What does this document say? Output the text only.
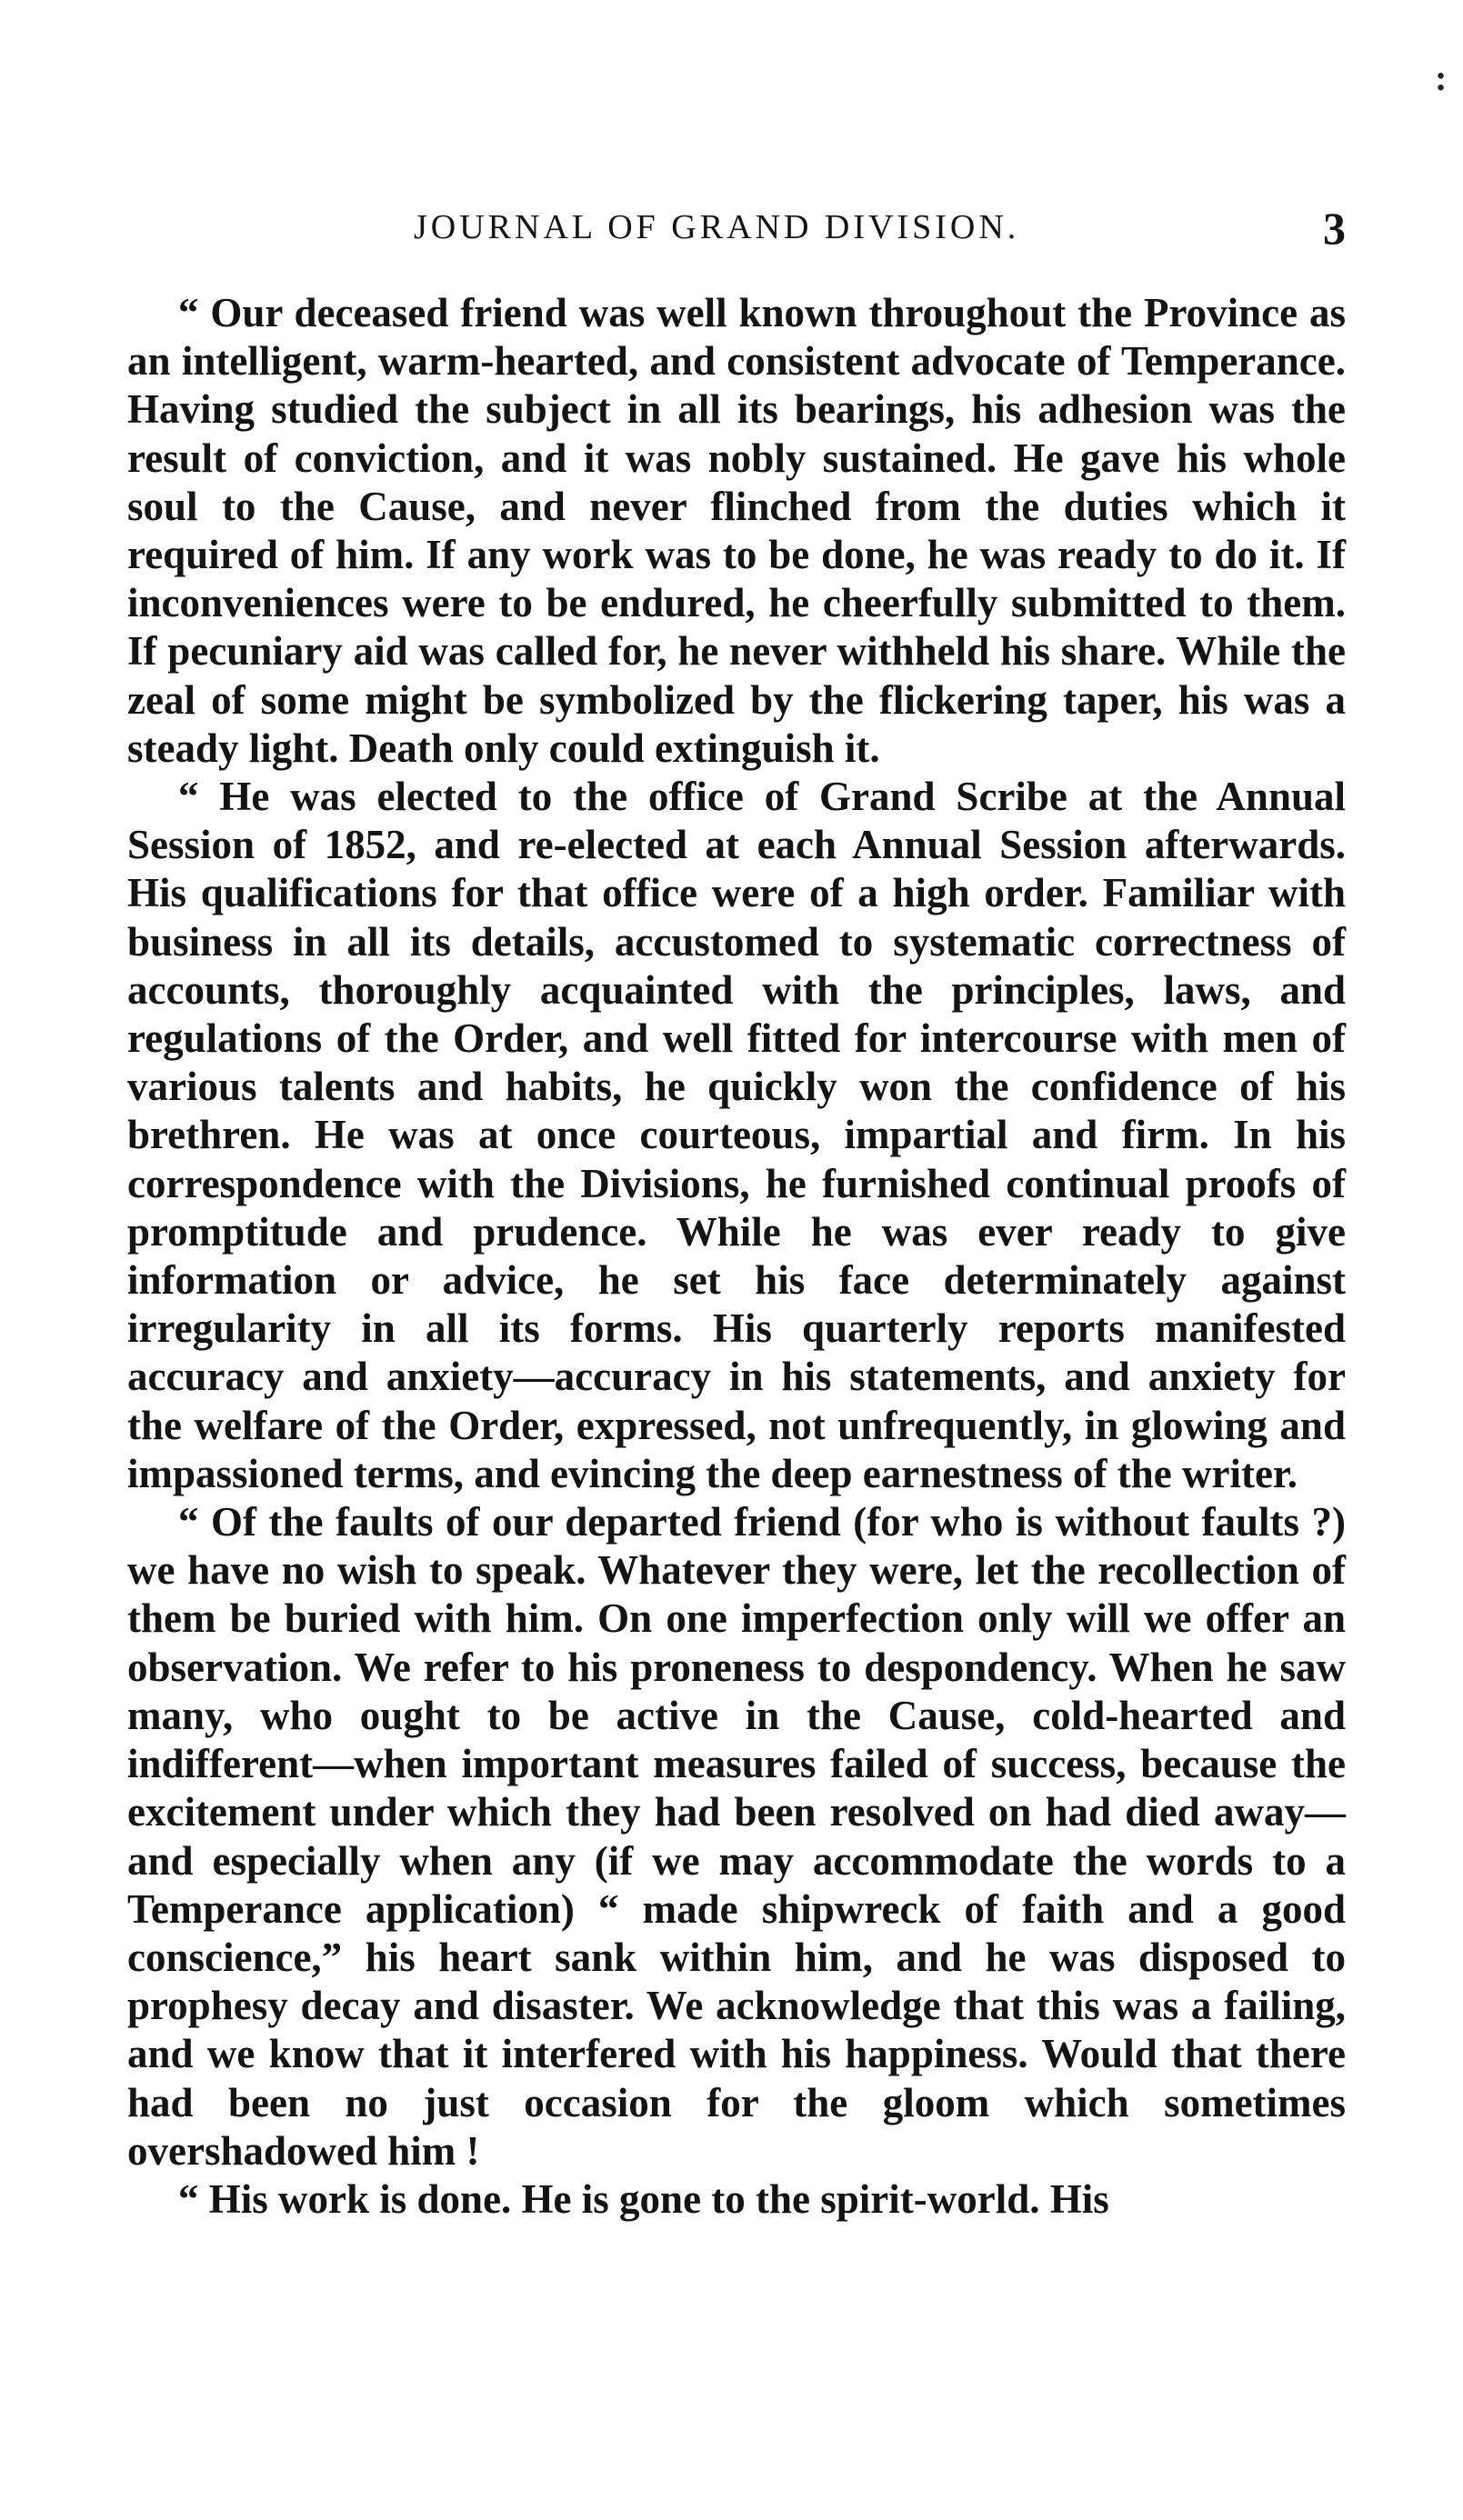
:
JOURNAL OF GRAND DIVISION.	3

“ Our deceased friend was well known throughout the Province as an intelligent, warm-hearted, and consistent advocate of Temperance. Having studied the subject in all its bearings, his adhesion was the result of conviction, and it was nobly sustained. He gave his whole soul to the Cause, and never flinched from the duties which it required of him. If any work was to be done, he was ready to do it. If inconveniences were to be endured, he cheerfully submitted to them. If pecuniary aid was called for, he never withheld his share. While the zeal of some might be symbolized by the flickering taper, his was a steady light. Death only could extinguish it.

“ He was elected to the office of Grand Scribe at the Annual Session of 1852, and re-elected at each Annual Session afterwards. His qualifications for that office were of a high order. Familiar with business in all its details, accustomed to systematic correctness of accounts, thoroughly acquainted with the principles, laws, and regulations of the Order, and well fitted for intercourse with men of various talents and habits, he quickly won the confidence of his brethren. He was at once courteous, impartial and firm. In his correspondence with the Divisions, he furnished continual proofs of promptitude and prudence. While he was ever ready to give information or advice, he set his face determinately against irregularity in all its forms. His quarterly reports manifested accuracy and anxiety—accuracy in his statements, and anxiety for the welfare of the Order, expressed, not unfrequently, in glowing and impassioned terms, and evincing the deep earnestness of the writer.

“ Of the faults of our departed friend (for who is without faults ?) we have no wish to speak. Whatever they were, let the recollection of them be buried with him. On one imperfection only will we offer an observation. We refer to his proneness to despondency. When he saw many, who ought to be active in the Cause, cold-hearted and indifferent—when important measures failed of success, because the excitement under which they had been resolved on had died away—and especially when any (if we may accommodate the words to a Temperance application) “ made shipwreck of faith and a good conscience,” his heart sank within him, and he was disposed to prophesy decay and disaster. We acknowledge that this was a failing, and we know that it interfered with his happiness. Would that there had been no just occasion for the gloom which sometimes overshadowed him !

“ His work is done. He is gone to the spirit-world. His
